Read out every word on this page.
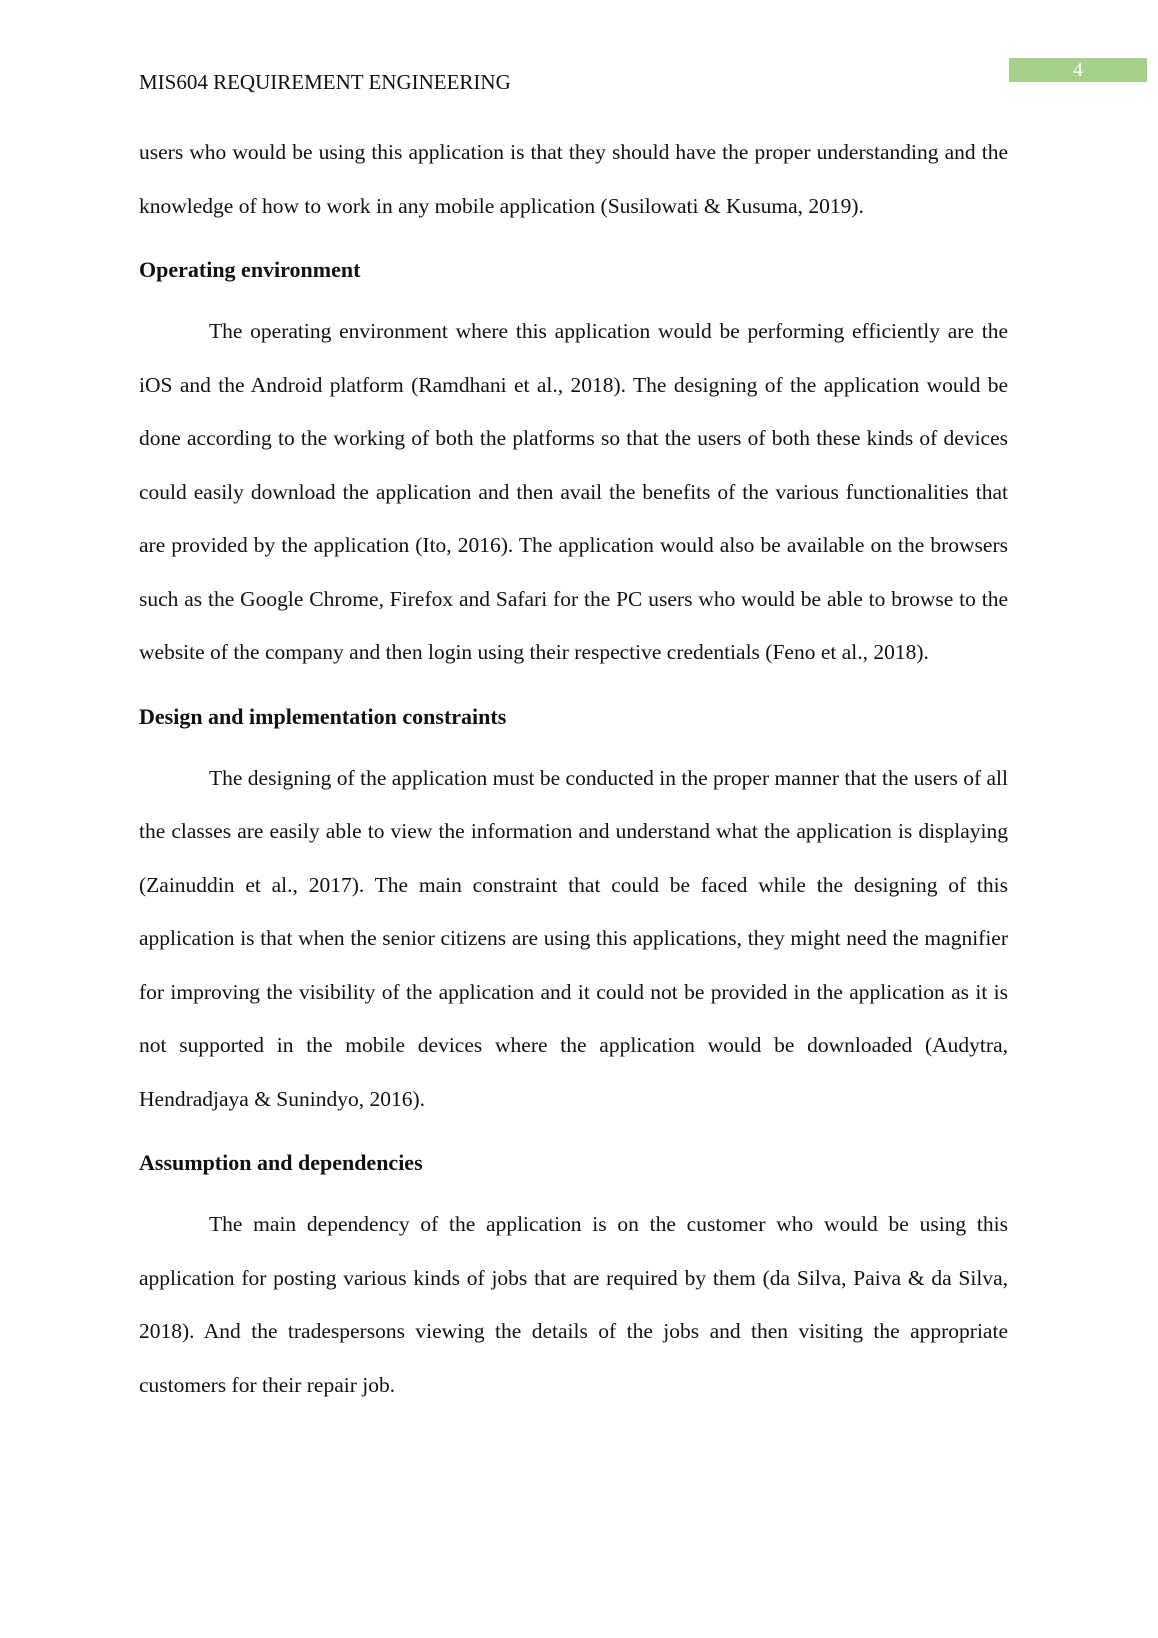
4
MIS604 REQUIREMENT ENGINEERING

users who would be using this application is that they should have the proper understanding and the knowledge of how to work in any mobile application (Susilowati & Kusuma, 2019).

Operating environment

The operating environment where this application would be performing efficiently are the iOS and the Android platform (Ramdhani et al., 2018). The designing of the application would be done according to the working of both the platforms so that the users of both these kinds of devices could easily download the application and then avail the benefits of the various functionalities that are provided by the application (Ito, 2016). The application would also be available on the browsers such as the Google Chrome, Firefox and Safari for the PC users who would be able to browse to the website of the company and then login using their respective credentials (Feno et al., 2018).

Design and implementation constraints

The designing of the application must be conducted in the proper manner that the users of all the classes are easily able to view the information and understand what the application is displaying (Zainuddin et al., 2017). The main constraint that could be faced while the designing of this application is that when the senior citizens are using this applications, they might need the magnifier for improving the visibility of the application and it could not be provided in the application as it is not supported in the mobile devices where the application would be downloaded (Audytra, Hendradjaya & Sunindyo, 2016).

Assumption and dependencies

The main dependency of the application is on the customer who would be using this application for posting various kinds of jobs that are required by them (da Silva, Paiva & da Silva, 2018). And the tradespersons viewing the details of the jobs and then visiting the appropriate customers for their repair job.
